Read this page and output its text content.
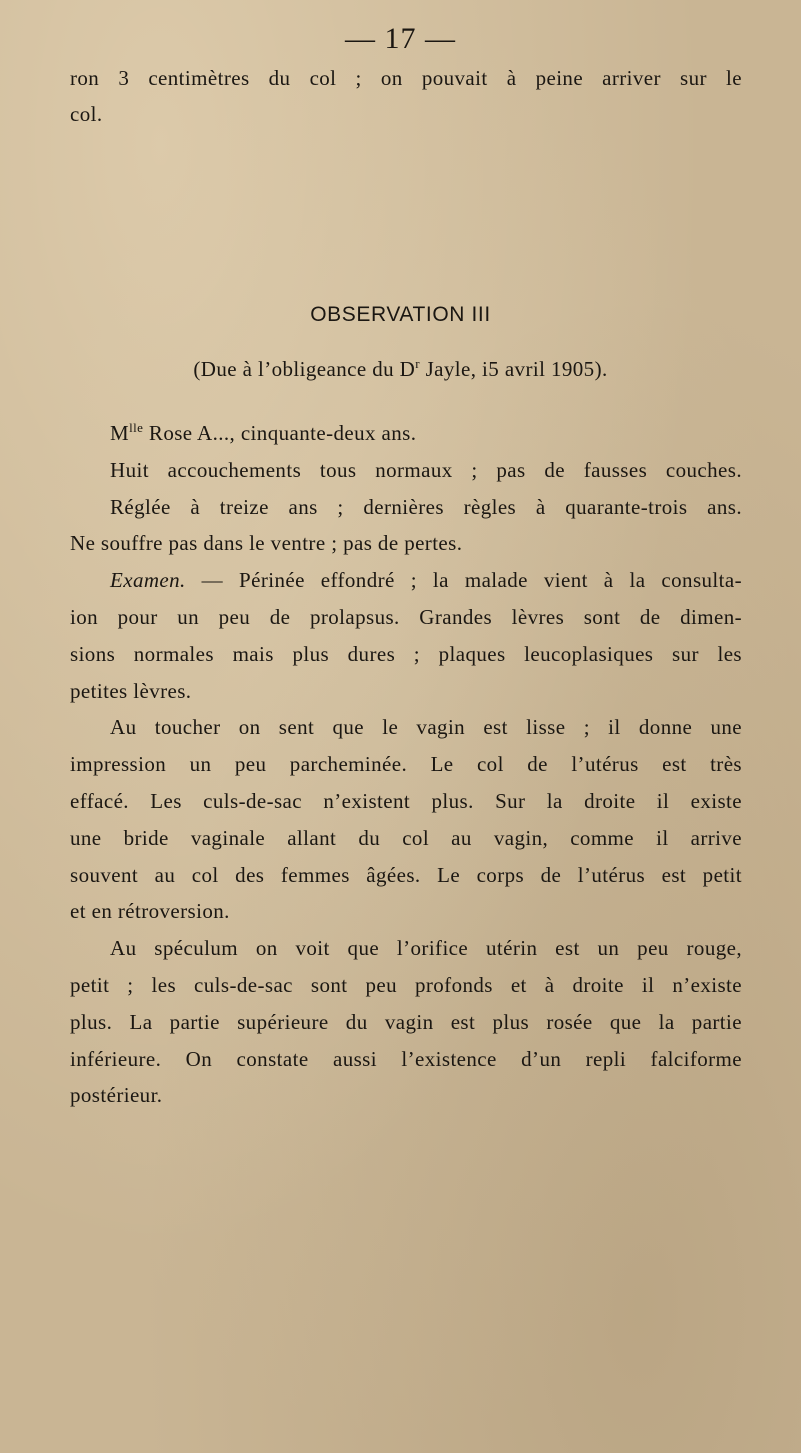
— 17 —
ron 3 centimètres du col ; on pouvait à peine arriver sur le
col.
OBSERVATION III
(Due à l’obligeance du $D^r$ Jayle, i5 avril 1905).
$M^{lle}$ Rose A..., cinquante-deux ans.
Huit accouchements tous normaux ; pas de fausses couches.
Réglée à treize ans ; dernières règles à quarante-trois ans.
Ne souffre pas dans le ventre ; pas de pertes.
Examen. — Périnée effondré ; la malade vient à la consulta-
ion pour un peu de prolapsus. Grandes lèvres sont de dimen-
sions normales mais plus dures ; plaques leucoplasiques sur les
petites lèvres.
Au toucher on sent que le vagin est lisse ; il donne une
impression un peu parcheminée. Le col de l’utérus est très
effacé. Les culs-de-sac n’existent plus. Sur la droite il existe
une bride vaginale allant du col au vagin, comme il arrive
souvent au col des femmes âgées. Le corps de l’utérus est petit
et en rétroversion.
Au spéculum on voit que l’orifice utérin est un peu rouge,
petit ; les culs-de-sac sont peu profonds et à droite il n’existe
plus. La partie supérieure du vagin est plus rosée que la partie
inférieure. On constate aussi l’existence d’un repli falciforme
postérieur.
